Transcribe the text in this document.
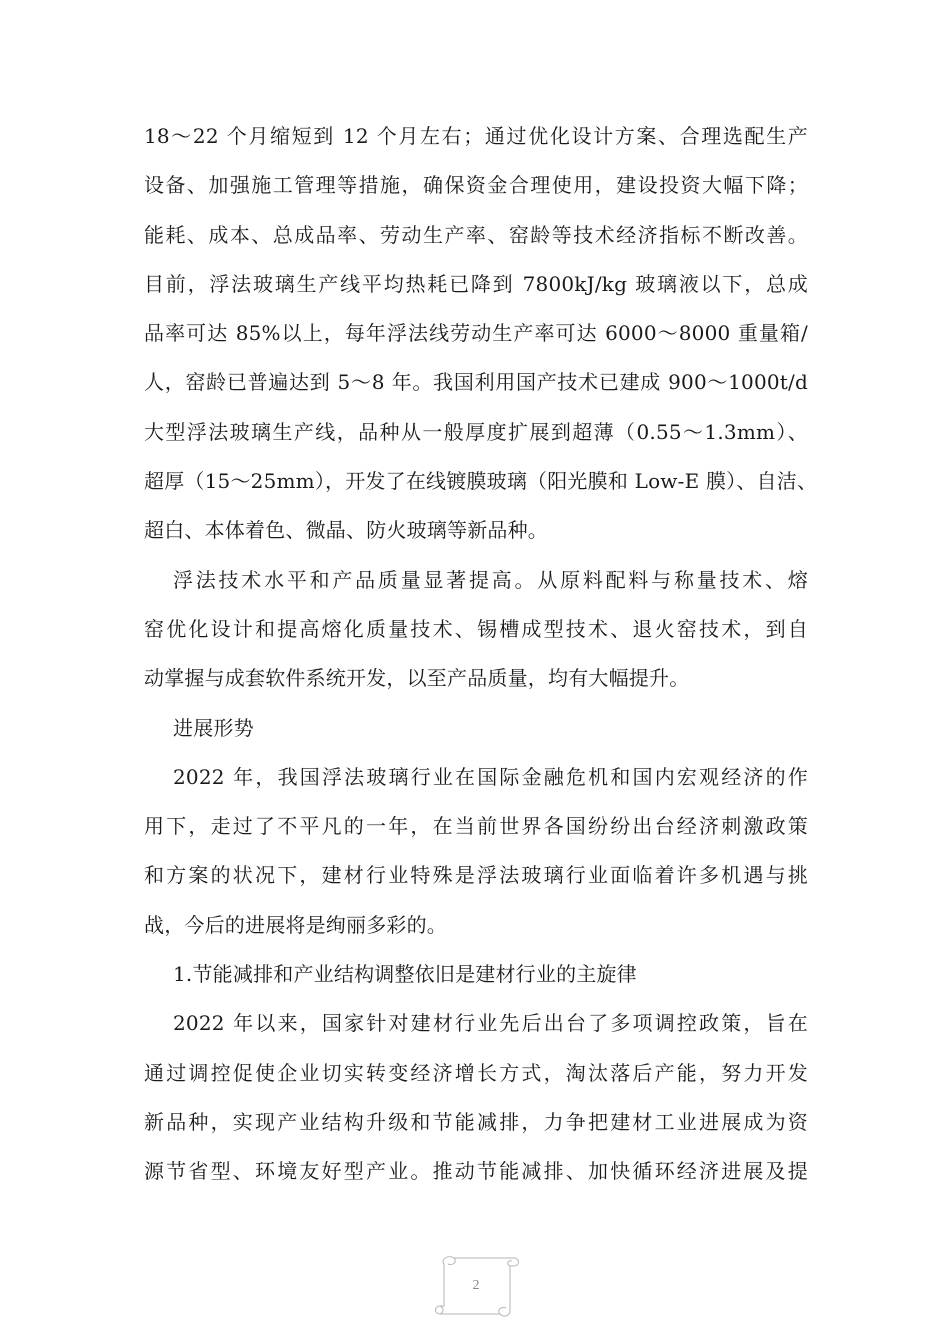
18～22 个月缩短到 12 个月左右；通过优化设计方案、合理选配生产
设备、加强施工管理等措施，确保资金合理使用，建设投资大幅下降；
能耗、成本、总成品率、劳动生产率、窑龄等技术经济指标不断改善。
目前，浮法玻璃生产线平均热耗已降到 7800kJ/kg 玻璃液以下，总成
品率可达 85%以上，每年浮法线劳动生产率可达 6000～8000 重量箱/
人，窑龄已普遍达到 5～8 年。我国利用国产技术已建成 900～1000t/d
大型浮法玻璃生产线，品种从一般厚度扩展到超薄（0.55～1.3mm）、
超厚（15～25mm），开发了在线镀膜玻璃（阳光膜和 Low-E 膜）、自洁、
超白、本体着色、微晶、防火玻璃等新品种。
浮法技术水平和产品质量显著提高。从原料配料与称量技术、熔
窑优化设计和提高熔化质量技术、锡槽成型技术、退火窑技术，到自
动掌握与成套软件系统开发，以至产品质量，均有大幅提升。
进展形势
2022 年，我国浮法玻璃行业在国际金融危机和国内宏观经济的作
用下，走过了不平凡的一年，在当前世界各国纷纷出台经济刺激政策
和方案的状况下，建材行业特殊是浮法玻璃行业面临着许多机遇与挑
战，今后的进展将是绚丽多彩的。
1.节能减排和产业结构调整依旧是建材行业的主旋律
2022 年以来，国家针对建材行业先后出台了多项调控政策，旨在
通过调控促使企业切实转变经济增长方式，淘汰落后产能，努力开发
新品种，实现产业结构升级和节能减排，力争把建材工业进展成为资
源节省型、环境友好型产业。推动节能减排、加快循环经济进展及提
2
